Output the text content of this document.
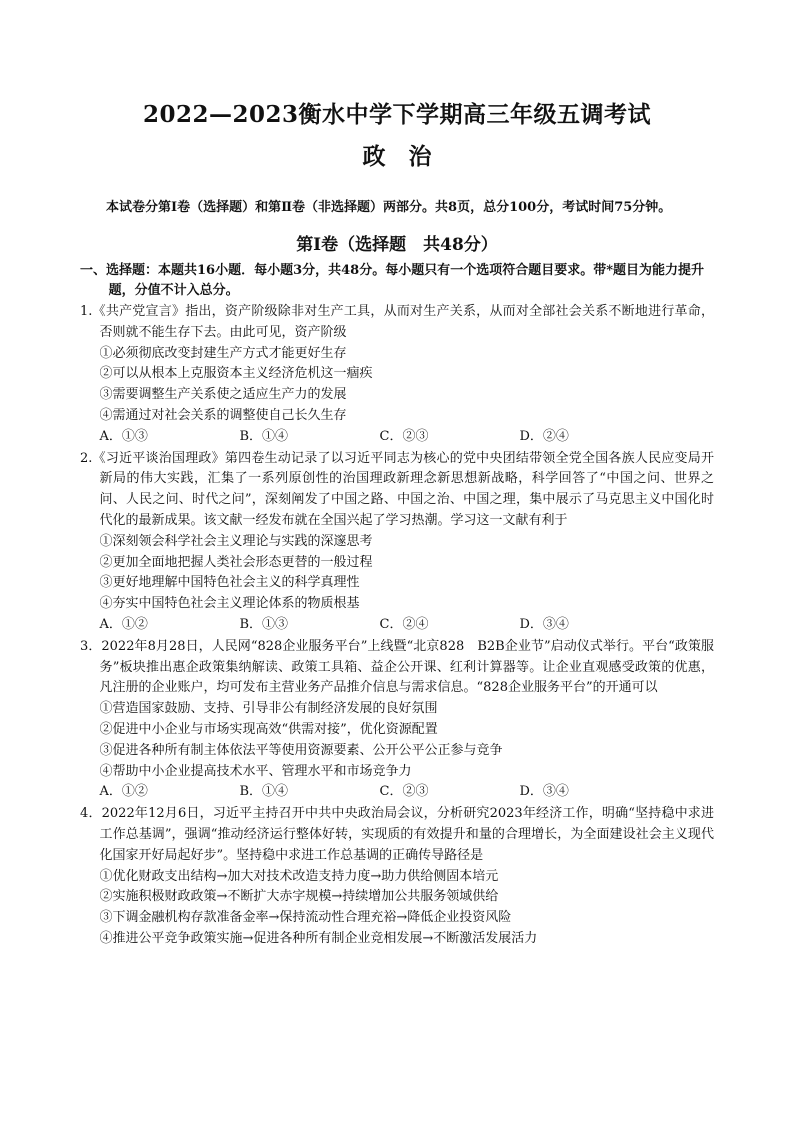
2022—2023衡水中学下学期高三年级五调考试
政　治

本试卷分第Ⅰ卷（选择题）和第Ⅱ卷（非选择题）两部分。共8页，总分100分，考试时间75分钟。

第Ⅰ卷（选择题　共48分）

一、选择题：本题共16小题．每小题3分，共48分。每小题只有一个选项符合题目要求。带*题目为能力提升题，分值不计入总分。

1.《共产党宣言》指出，资产阶级除非对生产工具，从而对生产关系，从而对全部社会关系不断地进行革命，否则就不能生存下去。由此可见，资产阶级

①必须彻底改变封建生产方式才能更好生存

②可以从根本上克服资本主义经济危机这一痼疾

③需要调整生产关系使之适应生产力的发展

④需通过对社会关系的调整使自己长久生存

A．①③	B．①④	C．②③	D．②④

2.《习近平谈治国理政》第四卷生动记录了以习近平同志为核心的党中央团结带领全党全国各族人民应变局开新局的伟大实践，汇集了一系列原创性的治国理政新理念新思想新战略，科学回答了“中国之问、世界之问、人民之问、时代之问”，深刻阐发了中国之路、中国之治、中国之理，集中展示了马克思主义中国化时代化的最新成果。该文献一经发布就在全国兴起了学习热潮。学习这一文献有利于

①深刻领会科学社会主义理论与实践的深邃思考

②更加全面地把握人类社会形态更替的一般过程

③更好地理解中国特色社会主义的科学真理性

④夯实中国特色社会主义理论体系的物质根基

A．①②	B．①③	C．②④	D．③④

3．2022年8月28日，人民网“828企业服务平台”上线暨“北京828　B2B企业节”启动仪式举行。平台“政策服务”板块推出惠企政策集纳解读、政策工具箱、益企公开课、红利计算器等。让企业直观感受政策的优惠，凡注册的企业账户，均可发布主营业务产品推介信息与需求信息。“828企业服务平台”的开通可以

①营造国家鼓励、支持、引导非公有制经济发展的良好氛围

②促进中小企业与市场实现高效“供需对接”，优化资源配置

③促进各种所有制主体依法平等使用资源要素、公开公平公正参与竞争

④帮助中小企业提高技术水平、管理水平和市场竞争力

A．①②	B．①④	C．②③	D．③④

4．2022年12月6日，习近平主持召开中共中央政治局会议，分析研究2023年经济工作，明确“坚持稳中求进工作总基调”，强调“推动经济运行整体好转，实现质的有效提升和量的合理增长，为全面建设社会主义现代化国家开好局起好步”。坚持稳中求进工作总基调的正确传导路径是

①优化财政支出结构→加大对技术改造支持力度→助力供给侧固本培元

②实施积极财政政策→不断扩大赤字规模→持续增加公共服务领域供给

③下调金融机构存款准备金率→保持流动性合理充裕→降低企业投资风险

④推进公平竞争政策实施→促进各种所有制企业竞相发展→不断激活发展活力
